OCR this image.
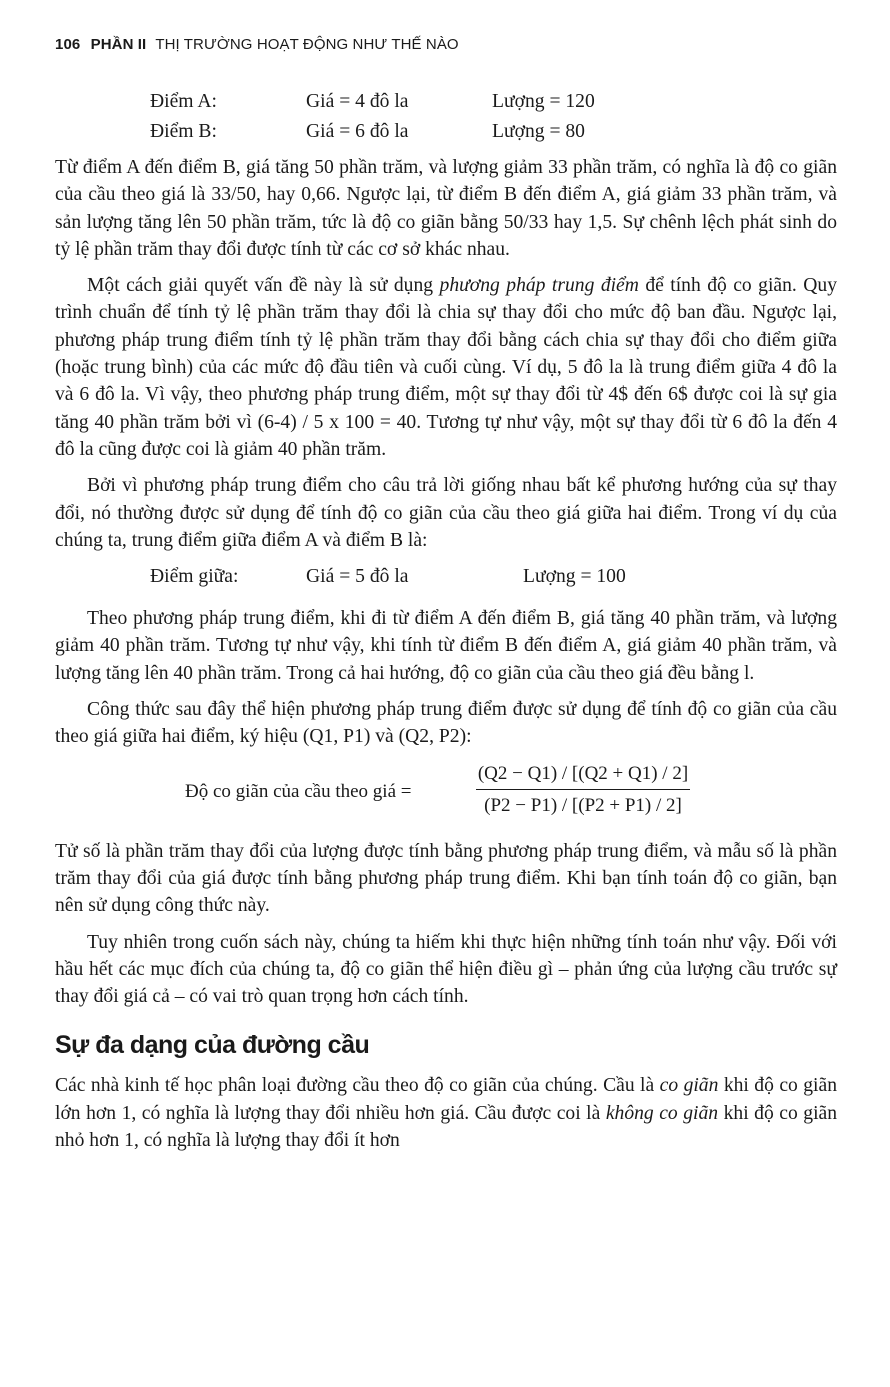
106 PHẦN II THỊ TRƯỜNG HOẠT ĐỘNG NHƯ THẾ NÀO
Điểm A:	Giá = 4 đô la	Lượng = 120
Điểm B:	Giá = 6 đô la	Lượng = 80

Từ điểm A đến điểm B, giá tăng 50 phần trăm, và lượng giảm 33 phần trăm, có nghĩa là độ co giãn của cầu theo giá là 33/50, hay 0,66. Ngược lại, từ điểm B đến điểm A, giá giảm 33 phần trăm, và sản lượng tăng lên 50 phần trăm, tức là độ co giãn bằng 50/33 hay 1,5. Sự chênh lệch phát sinh do tỷ lệ phần trăm thay đổi được tính từ các cơ sở khác nhau.

Một cách giải quyết vấn đề này là sử dụng phương pháp trung điểm để tính độ co giãn. Quy trình chuẩn để tính tỷ lệ phần trăm thay đổi là chia sự thay đổi cho mức độ ban đầu. Ngược lại, phương pháp trung điểm tính tỷ lệ phần trăm thay đổi bằng cách chia sự thay đổi cho điểm giữa (hoặc trung bình) của các mức độ đầu tiên và cuối cùng. Ví dụ, 5 đô la là trung điểm giữa 4 đô la và 6 đô la. Vì vậy, theo phương pháp trung điểm, một sự thay đổi từ 4$ đến 6$ được coi là sự gia tăng 40 phần trăm bởi vì (6-4) / 5 x 100 = 40. Tương tự như vậy, một sự thay đổi từ 6 đô la đến 4 đô la cũng được coi là giảm 40 phần trăm.

Bởi vì phương pháp trung điểm cho câu trả lời giống nhau bất kể phương hướng của sự thay đổi, nó thường được sử dụng để tính độ co giãn của cầu theo giá giữa hai điểm. Trong ví dụ của chúng ta, trung điểm giữa điểm A và điểm B là:

Điểm giữa:	Giá = 5 đô la	Lượng = 100

Theo phương pháp trung điểm, khi đi từ điểm A đến điểm B, giá tăng 40 phần trăm, và lượng giảm 40 phần trăm. Tương tự như vậy, khi tính từ điểm B đến điểm A, giá giảm 40 phần trăm, và lượng tăng lên 40 phần trăm. Trong cả hai hướng, độ co giãn của cầu theo giá đều bằng l.

Công thức sau đây thể hiện phương pháp trung điểm được sử dụng để tính độ co giãn của cầu theo giá giữa hai điểm, ký hiệu (Q1, P1) và (Q2, P2):

Độ co giãn của cầu theo giá =	$\frac{(Q2 - Q1) / [(Q2 + Q1) / 2]}{(P2 - P1) / [(P2 + P1) / 2]}$

Tử số là phần trăm thay đổi của lượng được tính bằng phương pháp trung điểm, và mẫu số là phần trăm thay đổi của giá được tính bằng phương pháp trung điểm. Khi bạn tính toán độ co giãn, bạn nên sử dụng công thức này.

Tuy nhiên trong cuốn sách này, chúng ta hiếm khi thực hiện những tính toán như vậy. Đối với hầu hết các mục đích của chúng ta, độ co giãn thể hiện điều gì – phản ứng của lượng cầu trước sự thay đổi giá cả – có vai trò quan trọng hơn cách tính.

Sự đa dạng của đường cầu

Các nhà kinh tế học phân loại đường cầu theo độ co giãn của chúng. Cầu là co giãn khi độ co giãn lớn hơn 1, có nghĩa là lượng thay đổi nhiều hơn giá. Cầu được coi là không co giãn khi độ co giãn nhỏ hơn 1, có nghĩa là lượng thay đổi ít hơn
